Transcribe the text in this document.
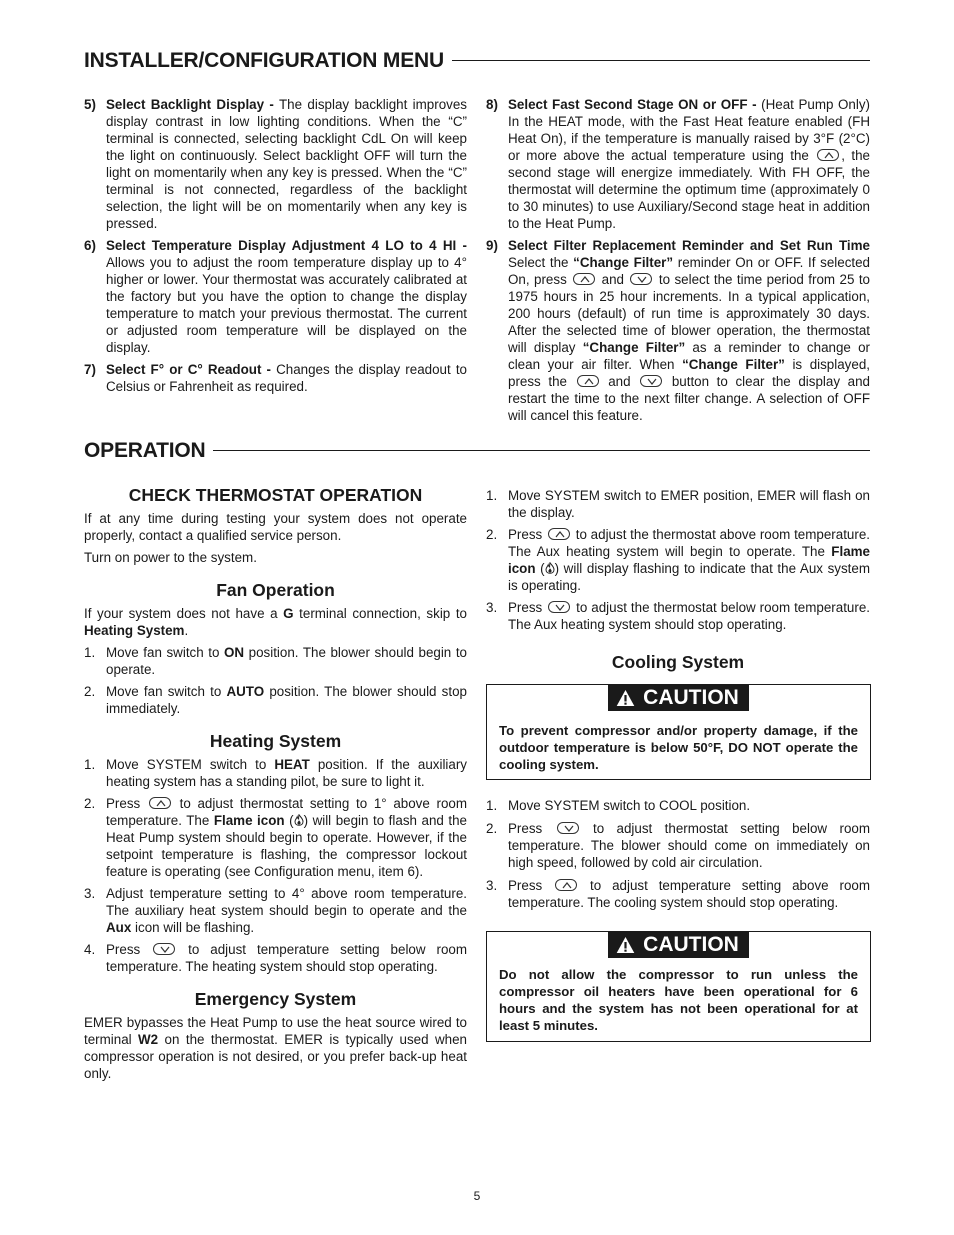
INSTALLER/CONFIGURATION MENU
5) Select Backlight Display - The display backlight improves display contrast in low lighting conditions. When the “C” terminal is connected, selecting backlight CdL On will keep the light on continuously. Select backlight OFF will turn the light on momentarily when any key is pressed. When the “C” terminal is not connected, regardless of the backlight selection, the light will be on momentarily when any key is pressed.
6) Select Temperature Display Adjustment 4 LO to 4 HI - Allows you to adjust the room temperature display up to 4° higher or lower. Your thermostat was accurately calibrated at the factory but you have the option to change the display temperature to match your previous thermostat. The current or adjusted room temperature will be displayed on the display.
7) Select F° or C° Readout - Changes the display readout to Celsius or Fahrenheit as required.
8) Select Fast Second Stage ON or OFF - (Heat Pump Only) In the HEAT mode, with the Fast Heat feature enabled (FH Heat On), if the temperature is manually raised by 3°F (2°C) or more above the actual temperature using the
, the second stage will energize immediately. With FH OFF, the thermostat will determine the optimum time (approximately 0 to 30 minutes) to use Auxiliary/Second stage heat in addition to the Heat Pump.
9) Select Filter Replacement Reminder and Set Run Time Select the “Change Filter” reminder On or OFF. If selected On, press
and
to select the time period from 25 to 1975 hours in 25 hour increments. In a typical application, 200 hours (default) of run time is approximately 30 days. After the selected time of blower operation, the thermostat will display “Change Filter” as a reminder to change or clean your air filter. When “Change Filter” is displayed, press the
and
button to clear the display and restart the time to the next filter change. A selection of OFF will cancel this feature.
OPERATION
CHECK THERMOSTAT OPERATION

If at any time during testing your system does not operate properly, contact a qualified service person.

Turn on power to the system.

Fan Operation

If your system does not have a G terminal connection, skip to Heating System.

1. Move fan switch to ON position. The blower should begin to operate.
2. Move fan switch to AUTO position. The blower should stop immediately.
Heating System
1. Move SYSTEM switch to HEAT position. If the auxiliary heating system has a standing pilot, be sure to light it.
2. Press
to adjust thermostat setting to 1° above room temperature. The Flame icon ( ) will begin to flash and the Heat Pump system should begin to operate. However, if the setpoint temperature is flashing, the compressor lockout feature is operating (see Configuration menu, item 6).
3. Adjust temperature setting to 4° above room temperature. The auxiliary heat system should begin to operate and the Aux icon will be flashing.
4. Press
to adjust temperature setting below room temperature. The heating system should stop operating.
Emergency System

EMER bypasses the Heat Pump to use the heat source wired to terminal W2 on the thermostat. EMER is typically used when compressor operation is not desired, or you prefer back-up heat only.

1. Move SYSTEM switch to EMER position, EMER will flash on the display.
2. Press
to adjust the thermostat above room temperature. The Aux heating system will begin to operate. The Flame icon ( ) will display flashing to indicate that the Aux system is operating.
3. Press
to adjust the thermostat below room temperature. The Aux heating system should stop operating.
Cooling System
CAUTION

To prevent compressor and/or property damage, if the outdoor temperature is below 50°F, DO NOT operate the cooling system.

1. Move SYSTEM switch to COOL position.
2. Press
to adjust thermostat setting below room temperature. The blower should come on immediately on high speed, followed by cold air circulation.
3. Press
to adjust temperature setting above room temperature. The cooling system should stop operating.
CAUTION

Do not allow the compressor to run unless the compressor oil heaters have been operational for 6 hours and the system has not been operational for at least 5 minutes.

5
